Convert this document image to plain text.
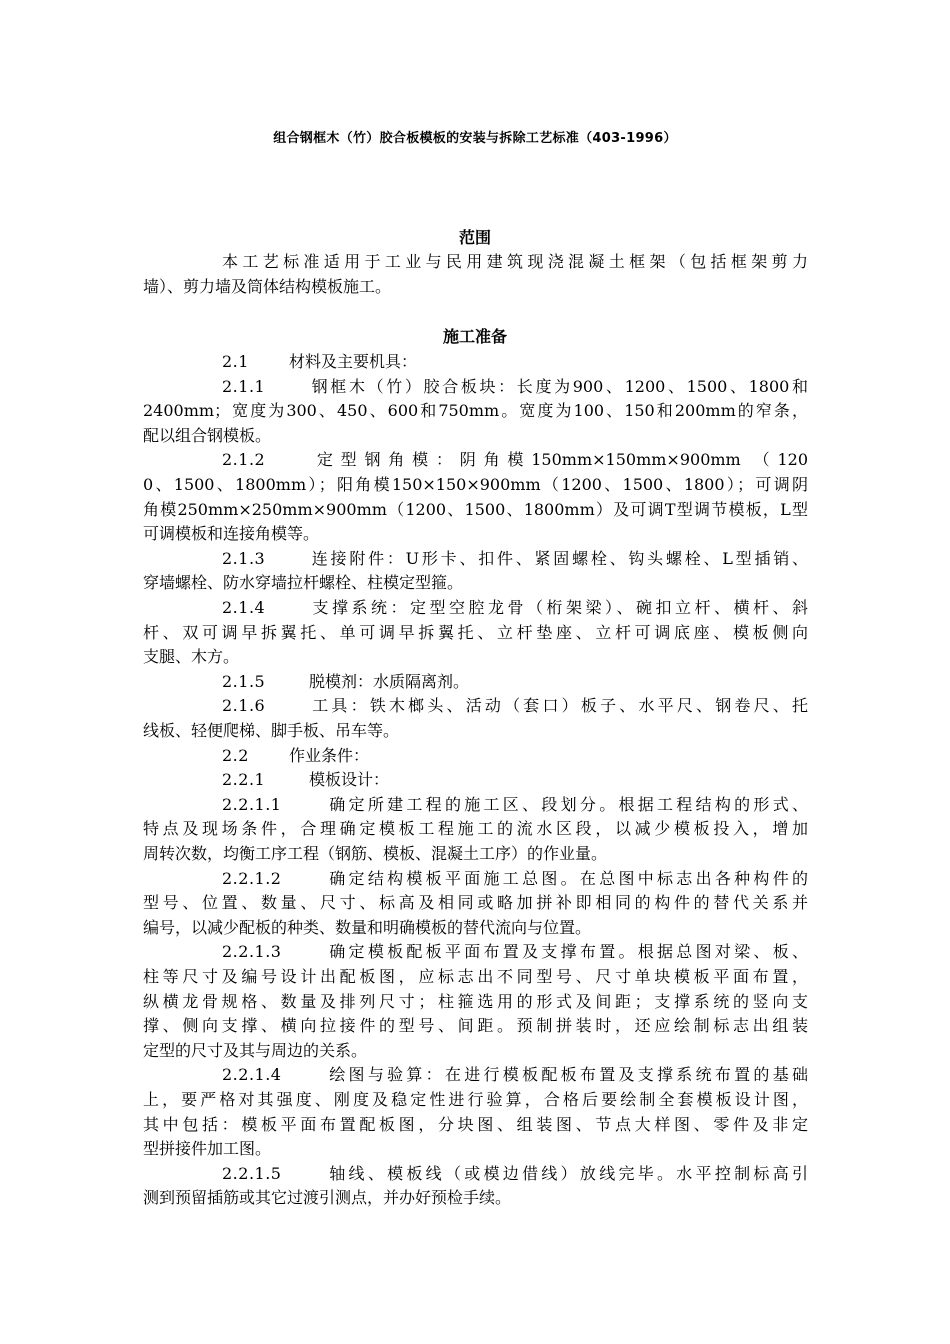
组合钢框木（竹）胶合板模板的安装与拆除工艺标准（403-1996）
范围
本工艺标准适用于工业与民用建筑现浇混凝土框架（包括框架剪力
墙）、剪力墙及筒体结构模板施工。
施工准备
2.1	材料及主要机具：
2.1.1	钢框木（竹）胶合板块：长度为900、1200、1500、1800和
2400mm；宽度为300、450、600和750mm。宽度为100、150和200mm的窄条，
配以组合钢模板。
2.1.2	定型钢角模：阴角模150mm×150mm×900mm （120
0、1500、1800mm）；阳角模150×150×900mm（1200、1500、1800）；可调阴
角模250mm×250mm×900mm（1200、1500、1800mm）及可调T型调节模板，L型
可调模板和连接角模等。
2.1.3	连接附件：U形卡、扣件、紧固螺栓、钩头螺栓、L型插销、
穿墙螺栓、防水穿墙拉杆螺栓、柱模定型箍。
2.1.4	支撑系统：定型空腔龙骨（桁架梁）、碗扣立杆、横杆、斜
杆、双可调早拆翼托、单可调早拆翼托、立杆垫座、立杆可调底座、模板侧向
支腿、木方。
2.1.5	脱模剂：水质隔离剂。
2.1.6	工具：铁木榔头、活动（套口）板子、水平尺、钢卷尺、托
线板、轻便爬梯、脚手板、吊车等。
2.2	作业条件：
2.2.1	模板设计：
2.2.1.1	确定所建工程的施工区、段划分。根据工程结构的形式、
特点及现场条件，合理确定模板工程施工的流水区段，以减少模板投入，增加
周转次数，均衡工序工程（钢筋、模板、混凝土工序）的作业量。
2.2.1.2	确定结构模板平面施工总图。在总图中标志出各种构件的
型号、位置、数量、尺寸、标高及相同或略加拼补即相同的构件的替代关系并
编号，以减少配板的种类、数量和明确模板的替代流向与位置。
2.2.1.3	确定模板配板平面布置及支撑布置。根据总图对梁、板、
柱等尺寸及编号设计出配板图，应标志出不同型号、尺寸单块模板平面布置，
纵横龙骨规格、数量及排列尺寸；柱箍选用的形式及间距；支撑系统的竖向支
撑、侧向支撑、横向拉接件的型号、间距。预制拼装时，还应绘制标志出组装
定型的尺寸及其与周边的关系。
2.2.1.4	绘图与验算：在进行模板配板布置及支撑系统布置的基础
上，要严格对其强度、刚度及稳定性进行验算，合格后要绘制全套模板设计图，
其中包括：模板平面布置配板图，分块图、组装图、节点大样图、零件及非定
型拼接件加工图。
2.2.1.5	轴线、模板线（或模边借线）放线完毕。水平控制标高引
测到预留插筋或其它过渡引测点，并办好预检手续。
